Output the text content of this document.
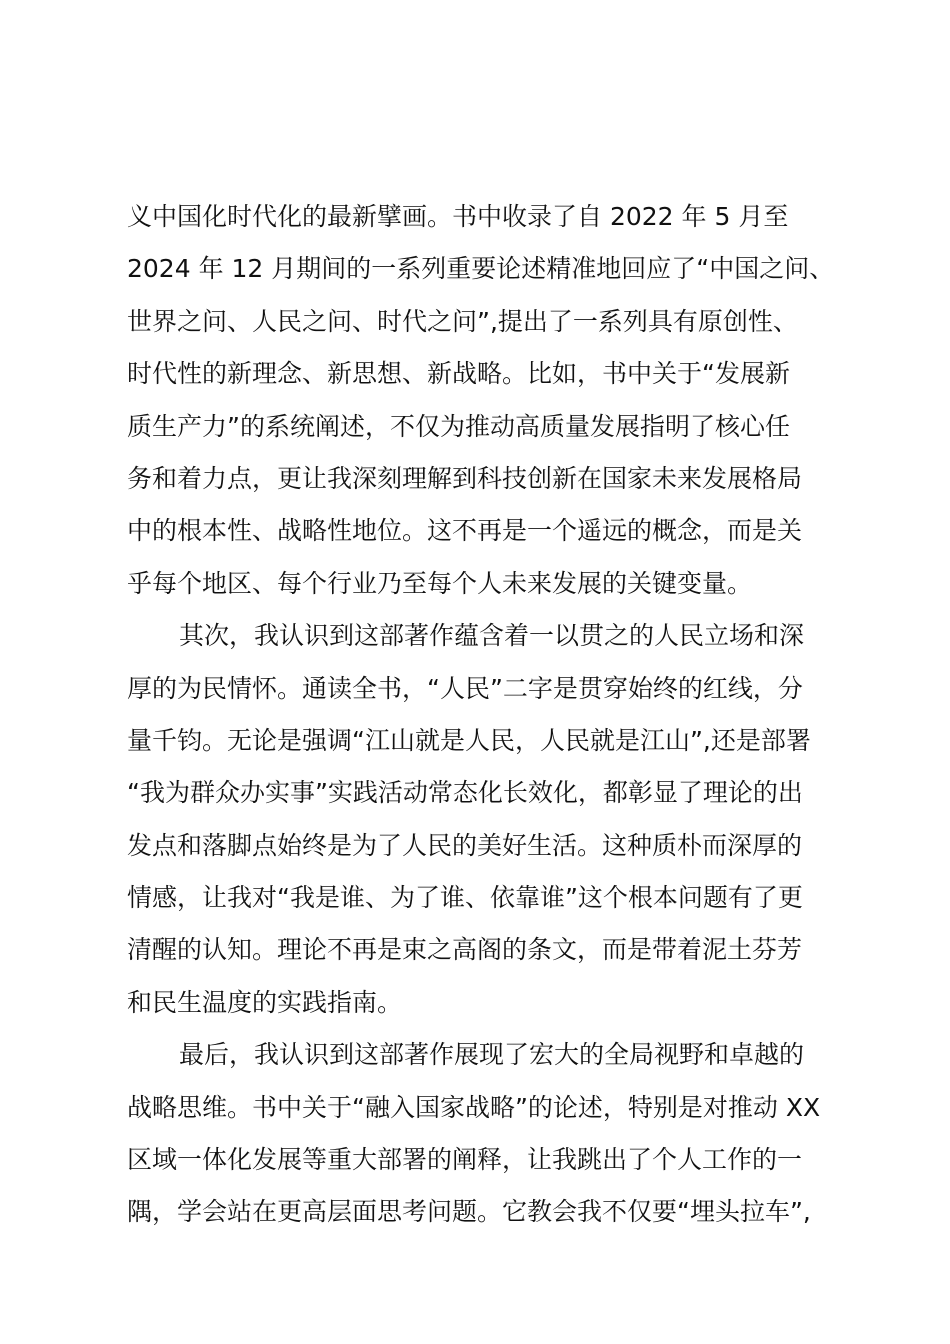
义中国化时代化的最新擘画。书中收录了自 2022 年 5 月至
2024 年 12 月期间的一系列重要论述精准地回应了“中国之问、
世界之问、人民之问、时代之问”,提出了一系列具有原创性、
时代性的新理念、新思想、新战略。比如，书中关于“发展新
质生产力”的系统阐述，不仅为推动高质量发展指明了核心任
务和着力点，更让我深刻理解到科技创新在国家未来发展格局
中的根本性、战略性地位。这不再是一个遥远的概念，而是关
乎每个地区、每个行业乃至每个人未来发展的关键变量。
其次，我认识到这部著作蕴含着一以贯之的人民立场和深
厚的为民情怀。通读全书，“人民”二字是贯穿始终的红线，分
量千钧。无论是强调“江山就是人民，人民就是江山”,还是部署
“我为群众办实事”实践活动常态化长效化，都彰显了理论的出
发点和落脚点始终是为了人民的美好生活。这种质朴而深厚的
情感，让我对“我是谁、为了谁、依靠谁”这个根本问题有了更
清醒的认知。理论不再是束之高阁的条文，而是带着泥土芬芳
和民生温度的实践指南。
最后，我认识到这部著作展现了宏大的全局视野和卓越的
战略思维。书中关于“融入国家战略”的论述，特别是对推动 XX
区域一体化发展等重大部署的阐释，让我跳出了个人工作的一
隅，学会站在更高层面思考问题。它教会我不仅要“埋头拉车”,
